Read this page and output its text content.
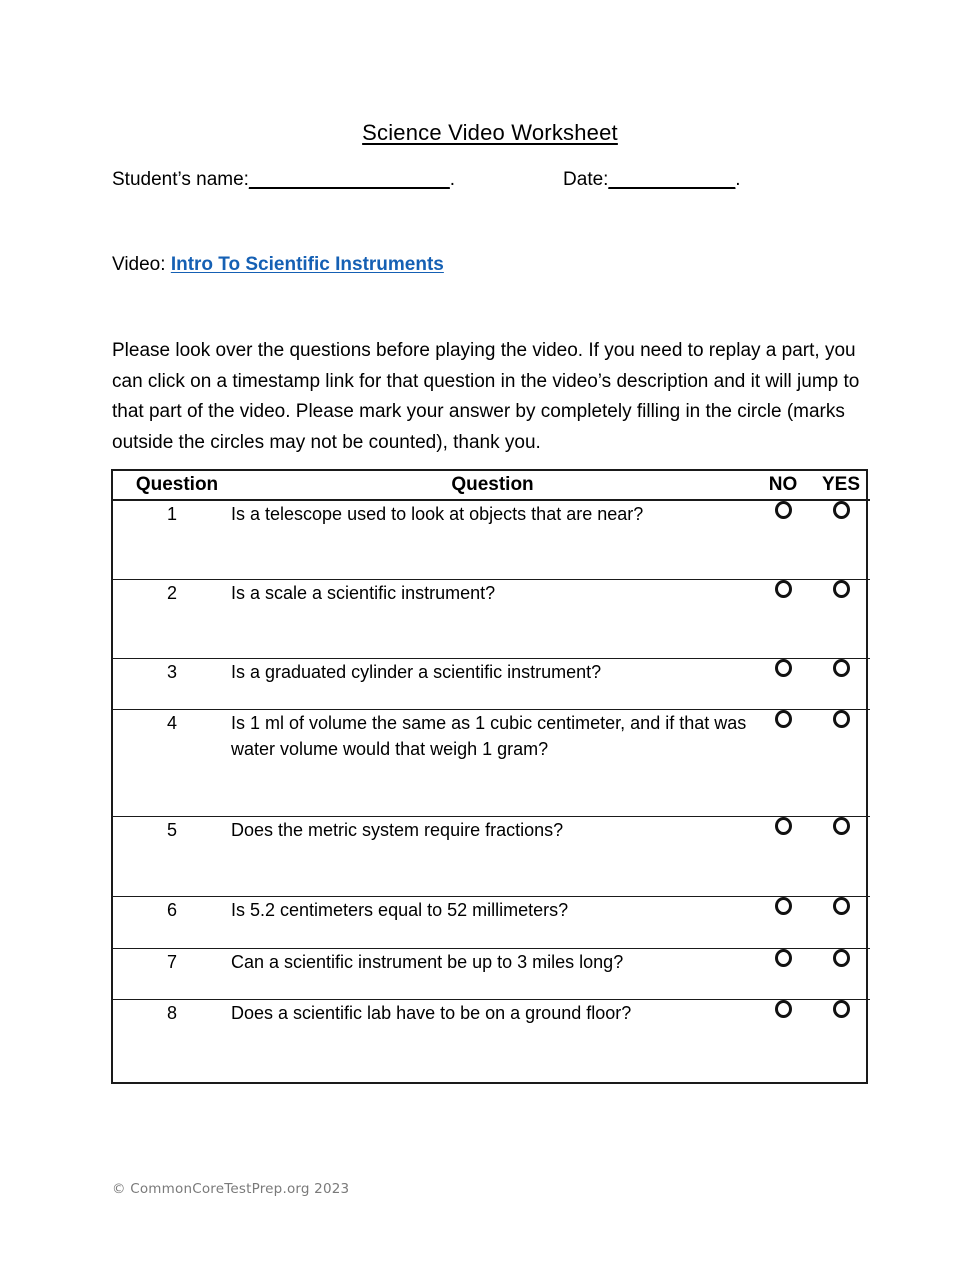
Science Video Worksheet
Student’s name:___________________.	Date:____________.
Video: Intro To Scientific Instruments
Please look over the questions before playing the video. If you need to replay a part, you can click on a timestamp link for that question in the video’s description and it will jump to that part of the video. Please mark your answer by completely filling in the circle (marks outside the circles may not be counted), thank you.
Question	Question	NO	YES
1	Is a telescope used to look at objects that are near?		
2	Is a scale a scientific instrument?		
3	Is a graduated cylinder a scientific instrument?		
4	Is 1 ml of volume the same as 1 cubic centimeter, and if that was water volume would that weigh 1 gram?		
5	Does the metric system require fractions?		
6	Is 5.2 centimeters equal to 52 millimeters?		
7	Can a scientific instrument be up to 3 miles long?		
8	Does a scientific lab have to be on a ground floor?		
© CommonCoreTestPrep.org 2023
